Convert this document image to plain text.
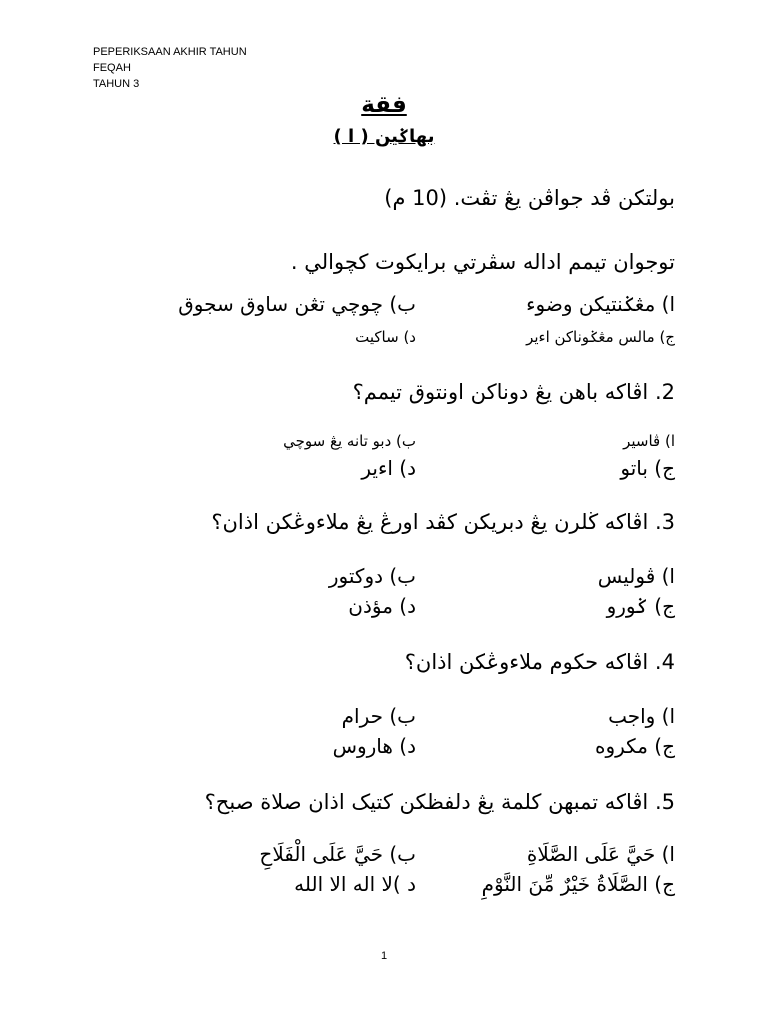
PEPERIKSAAN AKHIR TAHUN
FEQAH
TAHUN 3
فقة
بهاݢين ( ا )
بولتكن ڤد جواڤن يڠ تڤت. (10 م)
توجوان تيمم اداله سڤرتي برايكوت كچوالي .
ا) مڠݢنتيكن وضوء
ب) چوچي تڠن ساوق سجوق
ج) مالس مڠݢوناكن اءير
د) ساكيت
2. اڤاكه باهن يڠ دوناكن اونتوق تيمم؟
ا) ڤاسير
ب) دبو تانه يڠ سوچي
ج) باتو
د) اءير
3. اڤاكه ڬلرن يڠ دبريكن كڤد اورڠ يڠ ملاءوڠكن اذان؟
ا) ڤوليس
ب) دوكتور
ج) ݢورو
د) مؤذن
4. اڤاكه حكوم ملاءوڠكن اذان؟
ا) واجب
ب) حرام
ج) مكروه
د) هاروس
5. اڤاكه تمبهن كلمة يڠ دلفظكن كتيک اذان صلاة صبح؟
ا) حَيَّ عَلَى الصَّلَاةِ
ب) حَيَّ عَلَى الْفَلَاحِ
ج) الصَّلَاةُ خَيْرٌ مِّنَ النَّوْمِ
د )لا اله الا الله
1
